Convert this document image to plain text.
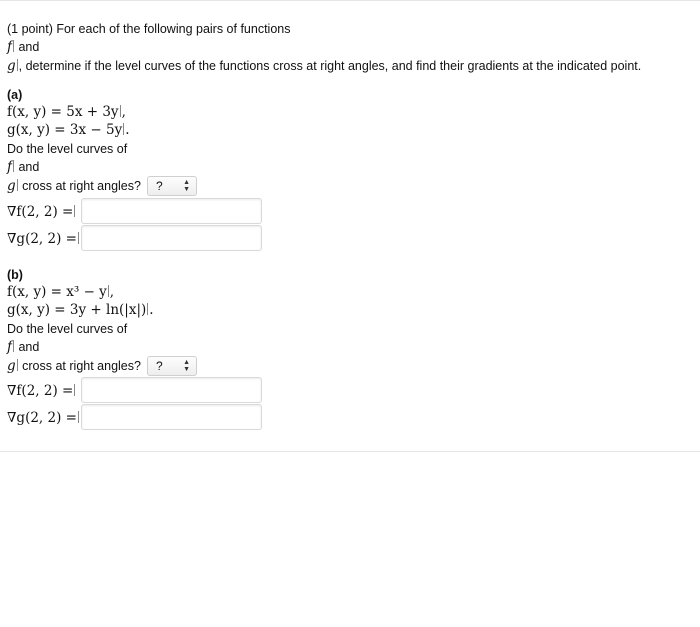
(1 point) For each of the following pairs of functions
f and
g , determine if the level curves of the functions cross at right angles, and find their gradients at the indicated point.
(a)
f(x, y) = 5x + 3y ,
g(x, y) = 3x − 5y .
Do the level curves of
f and
g cross at right angles? ?	▲
▼
∇f(2, 2) =
∇g(2, 2) =
(b)
f(x, y) = x³ − y ,
g(x, y) = 3y + ln(|x|) .
Do the level curves of
f and
g cross at right angles? ?	▲
▼
∇f(2, 2) =
∇g(2, 2) =
